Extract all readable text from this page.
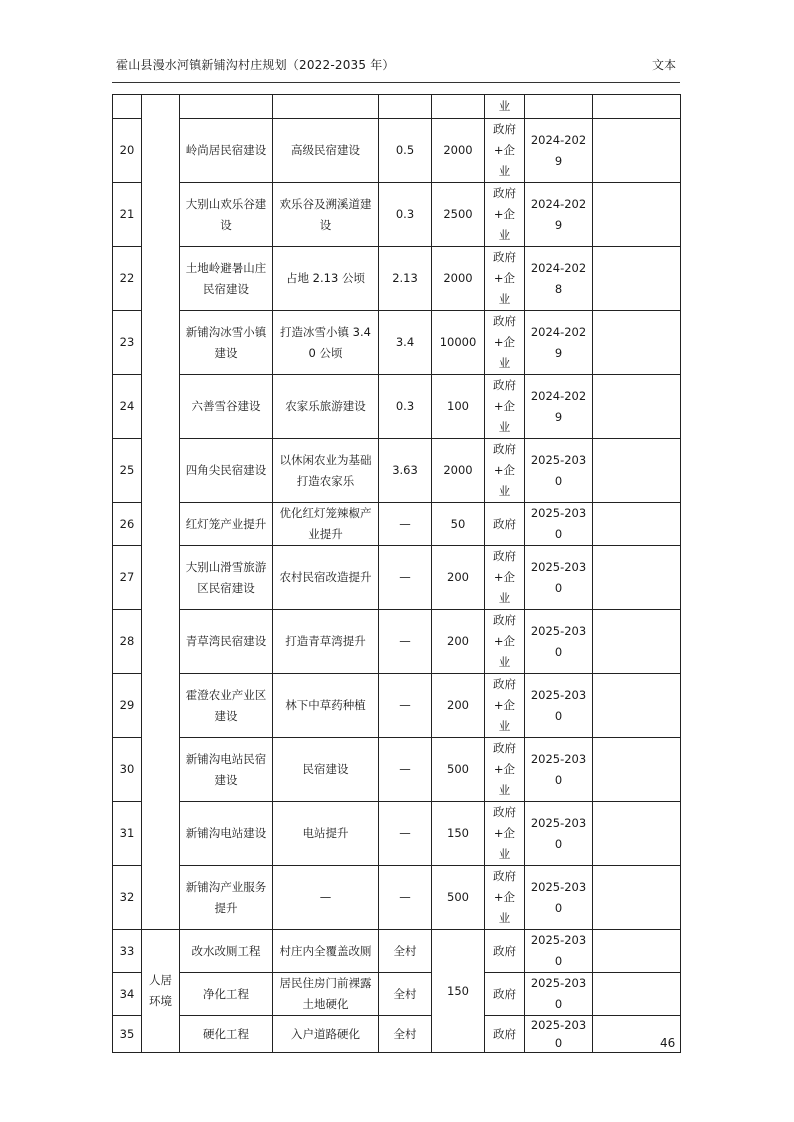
霍山县漫水河镇新铺沟村庄规划（2022-2035 年）	文本
						业		
20		岭尚居民宿建设	高级民宿建设	0.5	2000	政府+企业	2024-2029	
21		大别山欢乐谷建设	欢乐谷及溯溪道建设	0.3	2500	政府+企业	2024-2029	
22		土地岭避暑山庄民宿建设	占地 2.13 公顷	2.13	2000	政府+企业	2024-2028	
23		新铺沟冰雪小镇建设	打造冰雪小镇 3.40 公顷	3.4	10000	政府+企业	2024-2029	
24		六善雪谷建设	农家乐旅游建设	0.3	100	政府+企业	2024-2029	
25		四角尖民宿建设	以休闲农业为基础打造农家乐	3.63	2000	政府+企业	2025-2030	
26		红灯笼产业提升	优化红灯笼辣椒产业提升	—	50	政府	2025-2030	
27		大别山滑雪旅游区民宿建设	农村民宿改造提升	—	200	政府+企业	2025-2030	
28		青草湾民宿建设	打造青草湾提升	—	200	政府+企业	2025-2030	
29		霍澄农业产业区建设	林下中草药种植	—	200	政府+企业	2025-2030	
30		新铺沟电站民宿建设	民宿建设	—	500	政府+企业	2025-2030	
31		新铺沟电站建设	电站提升	—	150	政府+企业	2025-2030	
32		新铺沟产业服务提升	—	—	500	政府+企业	2025-2030	
33	人居环境	改水改厕工程	村庄内全覆盖改厕	全村	150	政府	2025-2030	
34		净化工程	居民住房门前裸露土地硬化	全村		政府	2025-2030	
35		硬化工程	入户道路硬化	全村		政府	2025-2030		46
